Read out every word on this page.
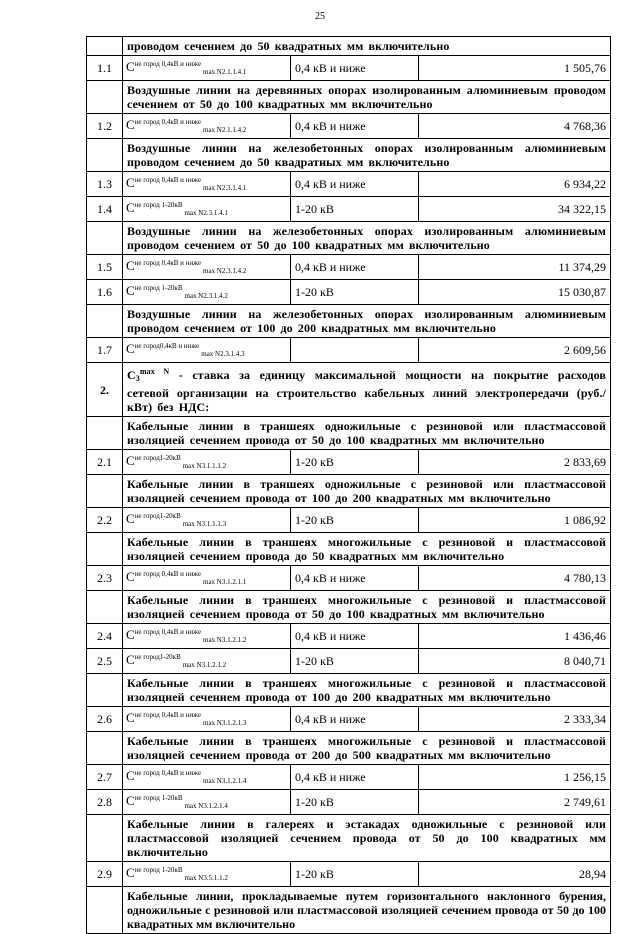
25
	проводом сечением до 50 квадратных мм включительно		
1.1	$С^{не город 0,4кВ и ниже}_{max N2.1.1.4.1}$	0,4 кВ и ниже	1 505,76
	Воздушные линии на деревянных опорах изолированным алюминиевым проводом сечением от 50 до 100 квадратных мм включительно		
1.2	$С^{не город 0,4кВ и ниже}_{max N2.1.1.4.2}$	0,4 кВ и ниже	4 768,36
	Воздушные линии на железобетонных опорах изолированным алюминиевым проводом сечением до 50 квадратных мм включительно		
1.3	$С^{не город 0,4кВ и ниже}_{max N2.3.1.4.1}$	0,4 кВ и ниже	6 934,22
1.4	$С^{не город 1-20кВ}_{max N2.3.1.4.1}$	1-20 кВ	34 322,15
	Воздушные линии на железобетонных опорах изолированным алюминиевым проводом сечением от 50 до 100 квадратных мм включительно		
1.5	$С^{не город 0,4кВ и ниже}_{max N2.3.1.4.2}$	0,4 кВ и ниже	11 374,29
1.6	$С^{не город 1-20кВ}_{max N2.3.1.4.2}$	1-20 кВ	15 030,87
	Воздушные линии на железобетонных опорах изолированным алюминиевым проводом сечением от 100 до 200 квадратных мм включительно		
1.7	$С^{не город0,4кВ и ниже}_{max N2.3.1.4.3}$		2 609,56
2.	$С3^{max N}$ - ставка за единицу максимальной мощности на покрытие расходов сетевой организации на строительство кабельных линий электропередачи (руб./кВт) без НДС:		
	Кабельные линии в траншеях одножильные с резиновой или пластмассовой изоляцией сечением провода от 50 до 100 квадратных мм включительно		
2.1	$С^{не город1-20кВ}_{max N3.1.1.1.2}$	1-20 кВ	2 833,69
	Кабельные линии в траншеях одножильные с резиновой или пластмассовой изоляцией сечением провода от 100 до 200 квадратных мм включительно		
2.2	$С^{не город1-20кВ}_{max N3.1.1.1.3}$	1-20 кВ	1 086,92
	Кабельные линии в траншеях многожильные с резиновой и пластмассовой изоляцией сечением провода до 50 квадратных мм включительно		
2.3	$С^{не город 0,4кВ и ниже}_{max N3.1.2.1.1}$	0,4 кВ и ниже	4 780,13
	Кабельные линии в траншеях многожильные с резиновой и пластмассовой изоляцией сечением провода от 50 до 100 квадратных мм включительно		
2.4	$С^{не город 0,4кВ и ниже}_{max N3.1.2.1.2}$	0,4 кВ и ниже	1 436,46
2.5	$С^{не город1-20кВ}_{max N3.1.2.1.2}$	1-20 кВ	8 040,71
	Кабельные линии в траншеях многожильные с резиновой и пластмассовой изоляцией сечением провода от 100 до 200 квадратных мм включительно		
2.6	$С^{не город 0,4кВ и ниже}_{max N3.1.2.1.3}$	0,4 кВ и ниже	2 333,34
	Кабельные линии в траншеях многожильные с резиновой и пластмассовой изоляцией сечением провода от 200 до 500 квадратных мм включительно		
2.7	$С^{не город 0,4кВ и ниже}_{max N3.1.2.1.4}$	0,4 кВ и ниже	1 256,15
2.8	$С^{не город 1-20кВ}_{max N3.1.2.1.4}$	1-20 кВ	2 749,61
	Кабельные линии в галереях и эстакадах одножильные с резиновой или пластмассовой изоляцией сечением провода от 50 до 100 квадратных мм включительно		
2.9	$С^{не город 1-20кВ}_{max N3.5.1.1.2}$	1-20 кВ	28,94
	Кабельные линии, прокладываемые путем горизонтального наклонного бурения, одножильные с резиновой или пластмассовой изоляцией сечением провода от 50 до 100 квадратных мм включительно		
